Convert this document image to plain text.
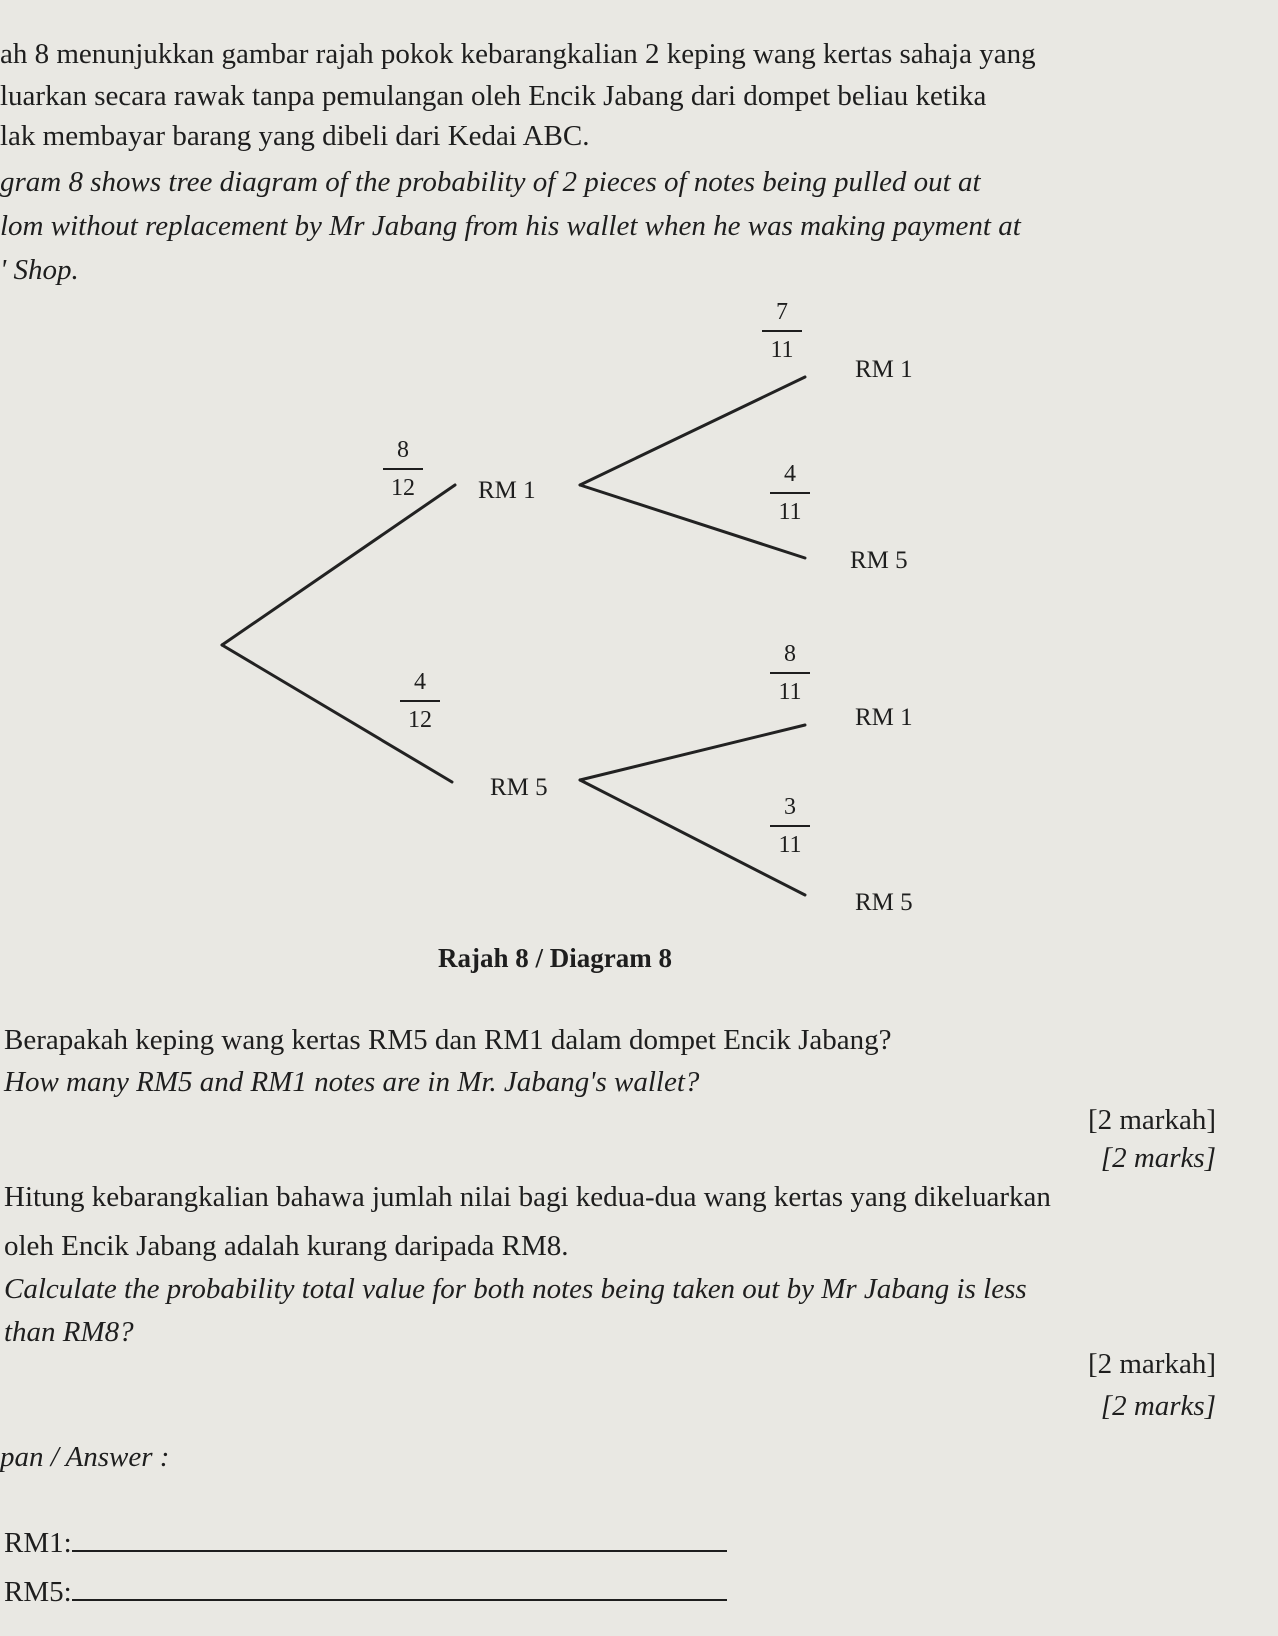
ah 8 menunjukkan gambar rajah pokok kebarangkalian 2 keping wang kertas sahaja yang
luarkan secara rawak tanpa pemulangan oleh Encik Jabang dari dompet beliau ketika
lak membayar barang yang dibeli dari Kedai ABC.
gram 8 shows tree diagram of the probability of 2 pieces of notes being pulled out at
lom without replacement by Mr Jabang from his wallet when he was making payment at
' Shop.
$\frac{8}{12}$
$\frac{4}{12}$
RM 1
RM 5
$\frac{7}{11}$
$\frac{4}{11}$
$\frac{8}{11}$
$\frac{3}{11}$
RM 1
RM 5
RM 1
RM 5
Rajah 8 / Diagram 8
Berapakah keping wang kertas RM5 dan RM1 dalam dompet Encik Jabang?
How many RM5 and RM1 notes are in Mr. Jabang's wallet?
[2 markah]
[2 marks]
Hitung kebarangkalian bahawa jumlah nilai bagi kedua-dua wang kertas yang dikeluarkan
oleh Encik Jabang adalah kurang daripada RM8.
Calculate the probability total value for both notes being taken out by Mr Jabang is less
than RM8?
[2 markah]
[2 marks]
pan / Answer :
RM1:
RM5:
